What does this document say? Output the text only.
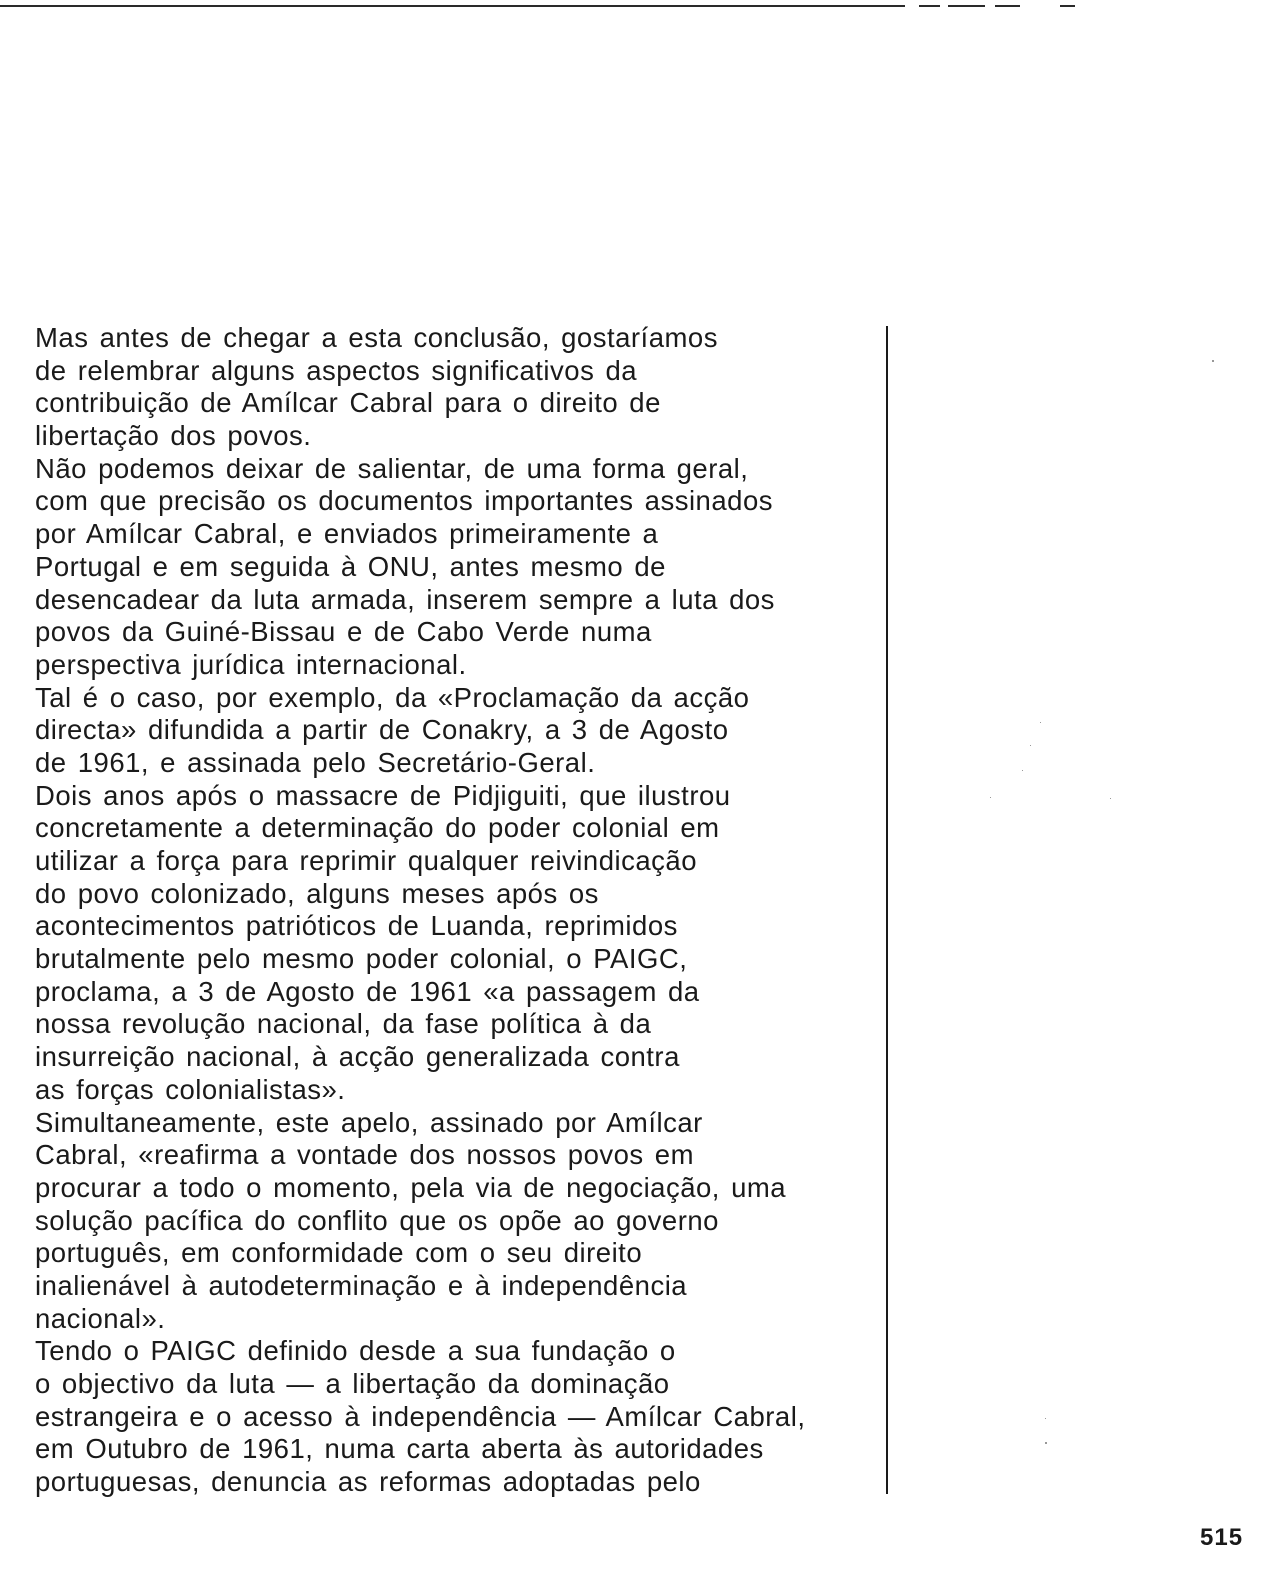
Mas antes de chegar a esta conclusão, gostaríamos
de relembrar alguns aspectos significativos da
contribuição de Amílcar Cabral para o direito de
libertação dos povos.
Não podemos deixar de salientar, de uma forma geral,
com que precisão os documentos importantes assinados
por Amílcar Cabral, e enviados primeiramente a
Portugal e em seguida à ONU, antes mesmo de
desencadear da luta armada, inserem sempre a luta dos
povos da Guiné-Bissau e de Cabo Verde numa
perspectiva jurídica internacional.
Tal é o caso, por exemplo, da «Proclamação da acção
directa» difundida a partir de Conakry, a 3 de Agosto
de 1961, e assinada pelo Secretário-Geral.
Dois anos após o massacre de Pidjiguiti, que ilustrou
concretamente a determinação do poder colonial em
utilizar a força para reprimir qualquer reivindicação
do povo colonizado, alguns meses após os
acontecimentos patrióticos de Luanda, reprimidos
brutalmente pelo mesmo poder colonial, o PAIGC,
proclama, a 3 de Agosto de 1961 «a passagem da
nossa revolução nacional, da fase política à da
insurreição nacional, à acção generalizada contra
as forças colonialistas».
Simultaneamente, este apelo, assinado por Amílcar
Cabral, «reafirma a vontade dos nossos povos em
procurar a todo o momento, pela via de negociação, uma
solução pacífica do conflito que os opõe ao governo
português, em conformidade com o seu direito
inalienável à autodeterminação e à independência
nacional».
Tendo o PAIGC definido desde a sua fundação o
o objectivo da luta — a libertação da dominação
estrangeira e o acesso à independência — Amílcar Cabral,
em Outubro de 1961, numa carta aberta às autoridades
portuguesas, denuncia as reformas adoptadas pelo
515
